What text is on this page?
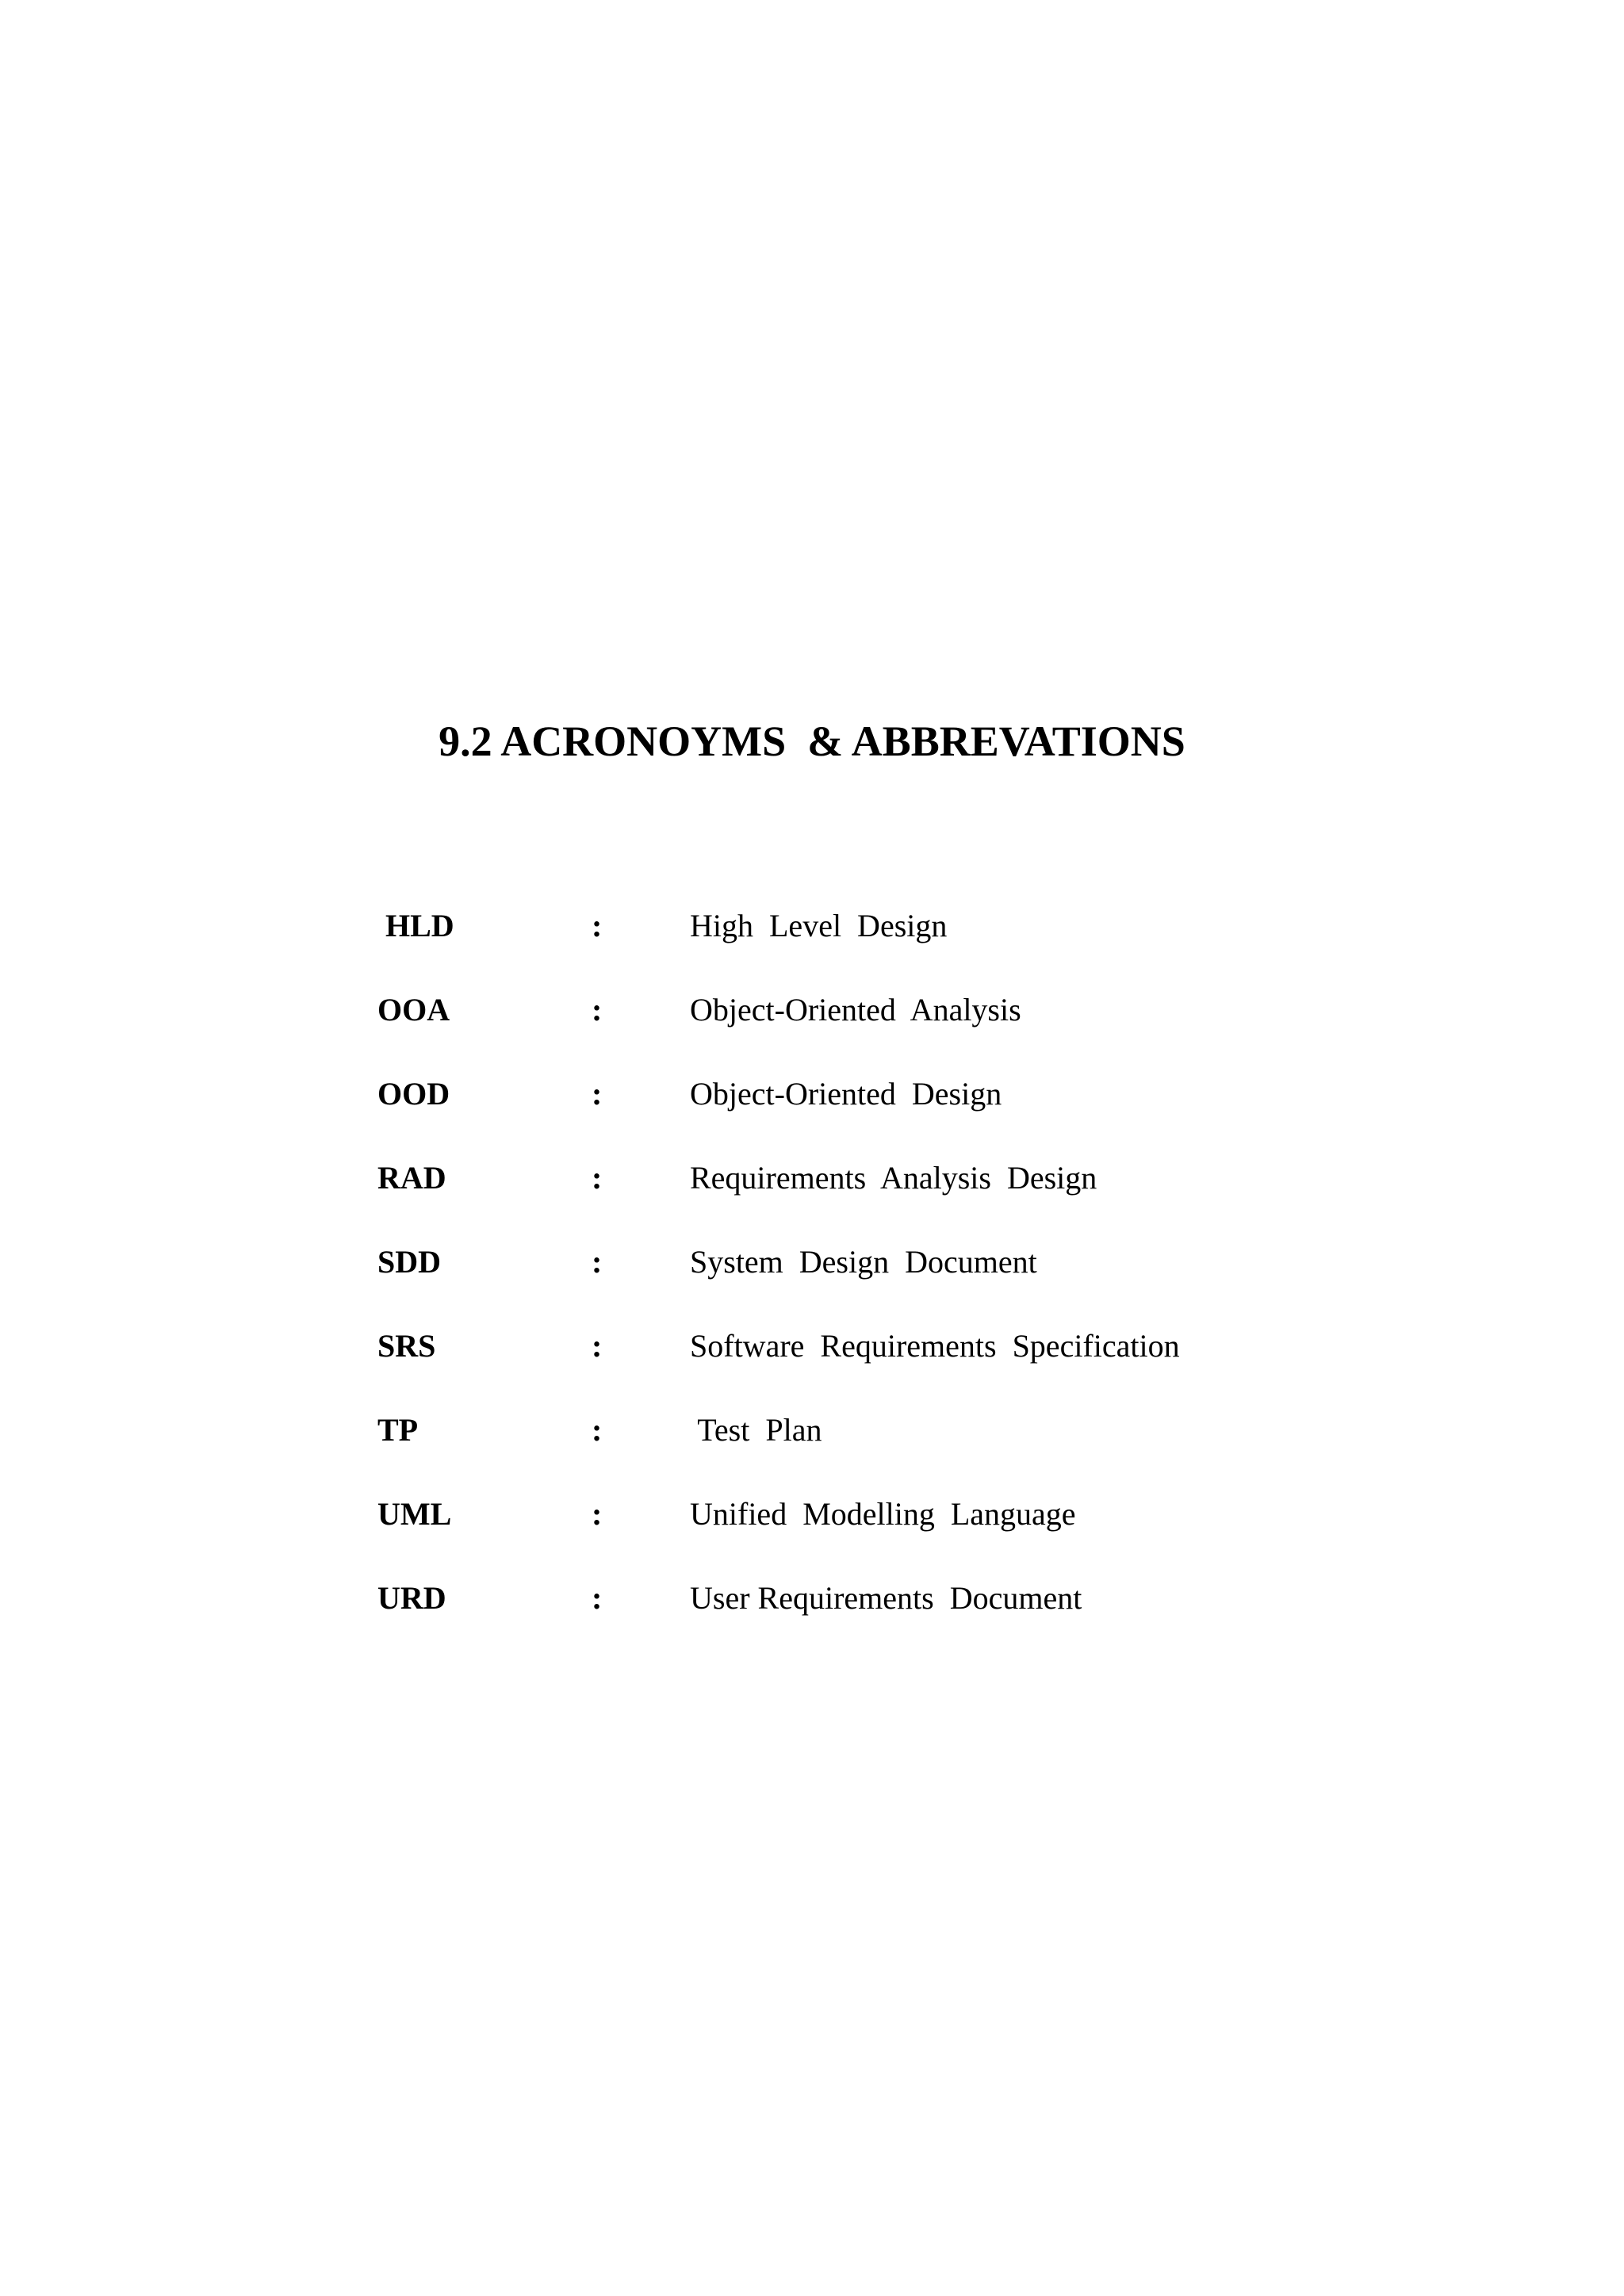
9.2 ACRONOYMS  & ABBREVATIONS
HLD	:	High  Level  Design
OOA	:	Object-Oriented  Analysis
OOD	:	Object-Oriented  Design
RAD	:	Requirements  Analysis  Design
SDD	:	System  Design  Document
SRS	:	Software  Requirements  Specification
TP	:	Test  Plan
UML	:	Unified  Modelling  Language
URD	:	User Requirements  Document
